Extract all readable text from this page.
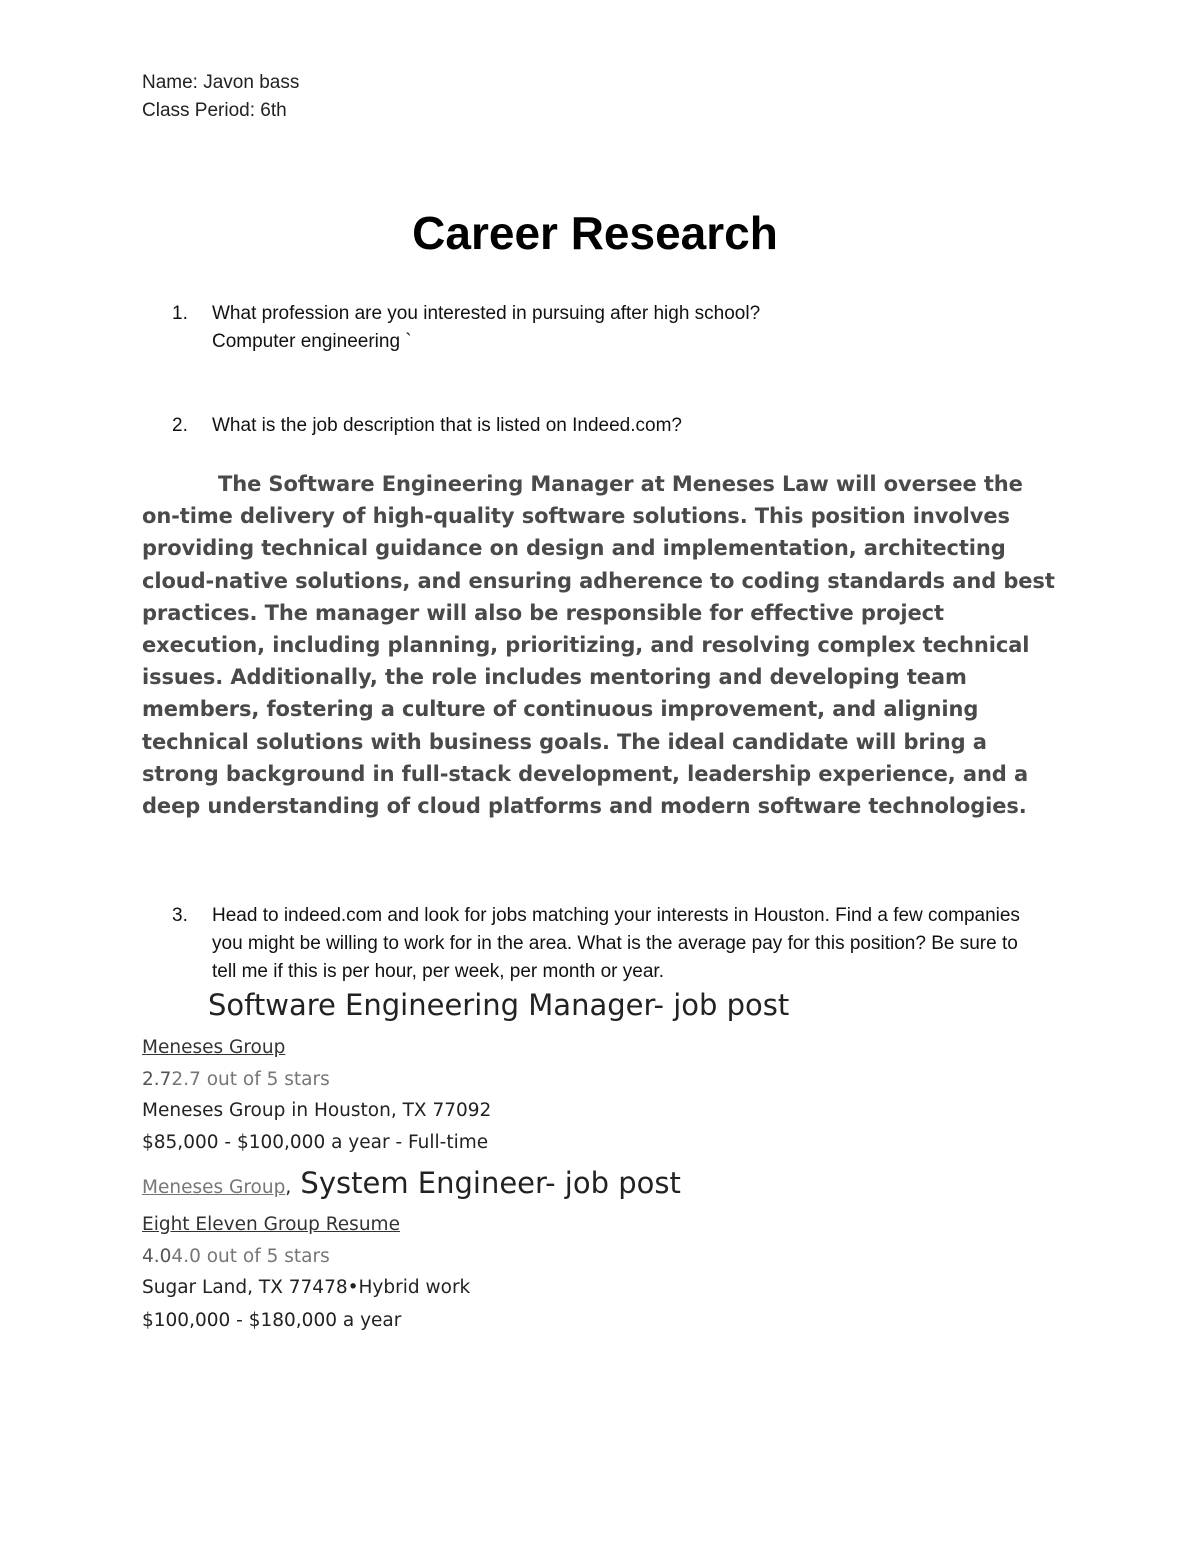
Name: Javon bass
Class Period: 6th
Career Research
1.	What profession are you interested in pursuing after high school?
Computer engineering `
2.	What is the job description that is listed on Indeed.com?
The Software Engineering Manager at Meneses Law will oversee the on-time delivery of high-quality software solutions. This position involves providing technical guidance on design and implementation, architecting cloud-native solutions, and ensuring adherence to coding standards and best practices. The manager will also be responsible for effective project execution, including planning, prioritizing, and resolving complex technical issues. Additionally, the role includes mentoring and developing team members, fostering a culture of continuous improvement, and aligning technical solutions with business goals. The ideal candidate will bring a strong background in full-stack development, leadership experience, and a deep understanding of cloud platforms and modern software technologies.
3.	Head to indeed.com and look for jobs matching your interests in Houston. Find a few companies you might be willing to work for in the area. What is the average pay for this position? Be sure to tell me if this is per hour, per week, per month or year.
Software Engineering Manager- job post
Meneses Group
2.72.7 out of 5 stars
Meneses Group in Houston, TX 77092
$85,000 - $100,000 a year - Full-time
Meneses Group, System Engineer- job post
Eight Eleven Group Resume
4.04.0 out of 5 stars
Sugar Land, TX 77478•Hybrid work
$100,000 - $180,000 a year
